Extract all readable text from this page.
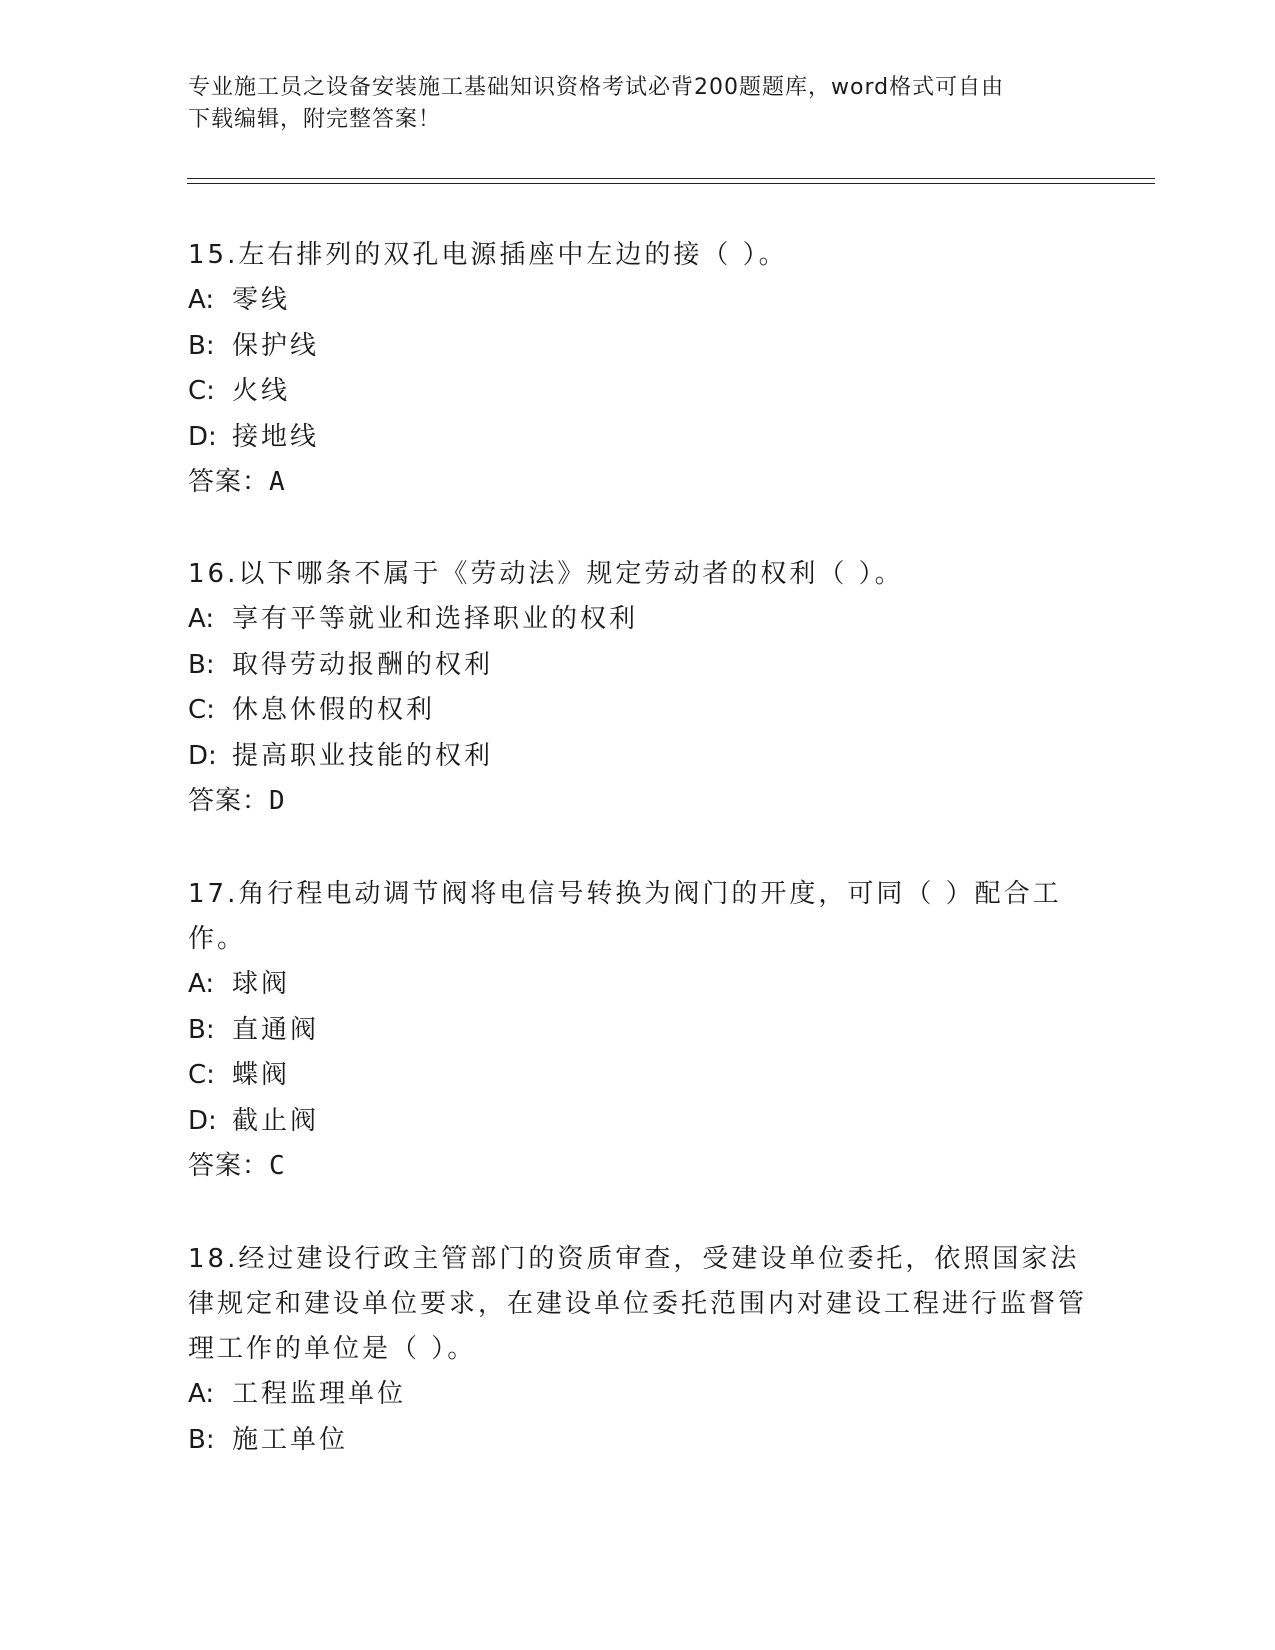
专业施工员之设备安装施工基础知识资格考试必背200题题库，word格式可自由
下载编辑，附完整答案！

15.左右排列的双孔电源插座中左边的接（ ）。

A: 零线
B: 保护线
C: 火线
D: 接地线
答案：A

16.以下哪条不属于《劳动法》规定劳动者的权利（ ）。

A: 享有平等就业和选择职业的权利
B: 取得劳动报酬的权利
C: 休息休假的权利
D: 提高职业技能的权利
答案：D

17.角行程电动调节阀将电信号转换为阀门的开度，可同（ ）配合工作。

A: 球阀
B: 直通阀
C: 蝶阀
D: 截止阀
答案：C

18.经过建设行政主管部门的资质审查，受建设单位委托，依照国家法律规定和建设单位要求，在建设单位委托范围内对建设工程进行监督管理工作的单位是（ ）。

A: 工程监理单位
B: 施工单位
